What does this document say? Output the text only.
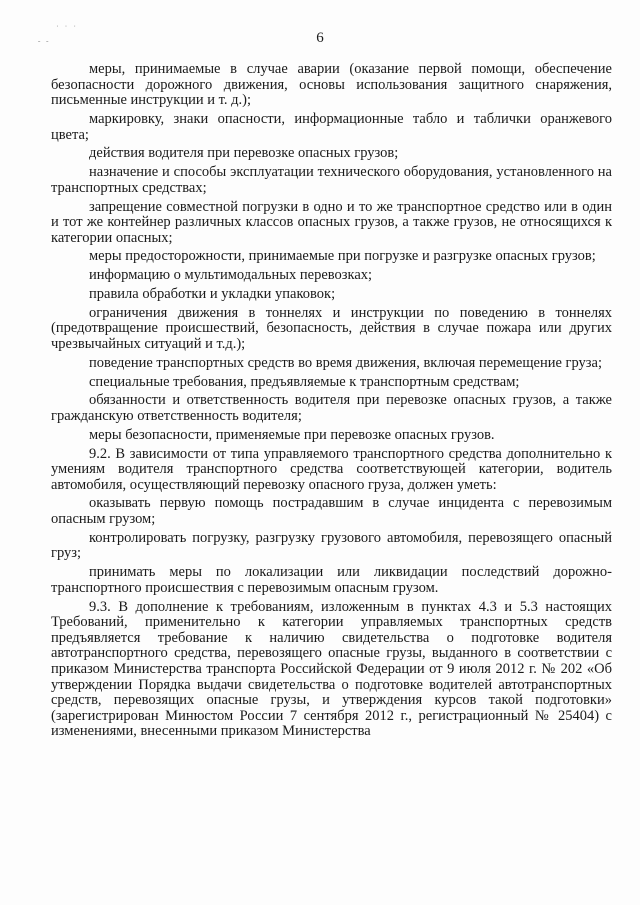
˙ ˙ ˙
ˇ ˇ	6

меры, принимаемые в случае аварии (оказание первой помощи, обеспечение безопасности дорожного движения, основы использования защитного снаряжения, письменные инструкции и т. д.);

маркировку, знаки опасности, информационные табло и таблички оранжевого цвета;

действия водителя при перевозке опасных грузов;

назначение и способы эксплуатации технического оборудования, установленного на транспортных средствах;

запрещение совместной погрузки в одно и то же транспортное средство или в один и тот же контейнер различных классов опасных грузов, а также грузов, не относящихся к категории опасных;

меры предосторожности, принимаемые при погрузке и разгрузке опасных грузов;

информацию о мультимодальных перевозках;

правила обработки и укладки упаковок;

ограничения движения в тоннелях и инструкции по поведению в тоннелях (предотвращение происшествий, безопасность, действия в случае пожара или других чрезвычайных ситуаций и т.д.);

поведение транспортных средств во время движения, включая перемещение груза;

специальные требования, предъявляемые к транспортным средствам;

обязанности и ответственность водителя при перевозке опасных грузов, а также гражданскую ответственность водителя;

меры безопасности, применяемые при перевозке опасных грузов.

9.2. В зависимости от типа управляемого транспортного средства дополнительно к умениям водителя транспортного средства соответствующей категории, водитель автомобиля, осуществляющий перевозку опасного груза, должен уметь:

оказывать первую помощь пострадавшим в случае инцидента с перевозимым опасным грузом;

контролировать погрузку, разгрузку грузового автомобиля, перевозящего опасный груз;

принимать меры по локализации или ликвидации последствий дорожно-транспортного происшествия с перевозимым опасным грузом.

9.3. В дополнение к требованиям, изложенным в пунктах 4.3 и 5.3 настоящих Требований, применительно к категории управляемых транспортных средств предъявляется требование к наличию свидетельства о подготовке водителя автотранспортного средства, перевозящего опасные грузы, выданного в соответствии с приказом Министерства транспорта Российской Федерации от 9 июля 2012 г. № 202 «Об утверждении Порядка выдачи свидетельства о подготовке водителей автотранспортных средств, перевозящих опасные грузы, и утверждения курсов такой подготовки» (зарегистрирован Минюстом России 7 сентября 2012 г., регистрационный № 25404) с изменениями, внесенными приказом Министерства
